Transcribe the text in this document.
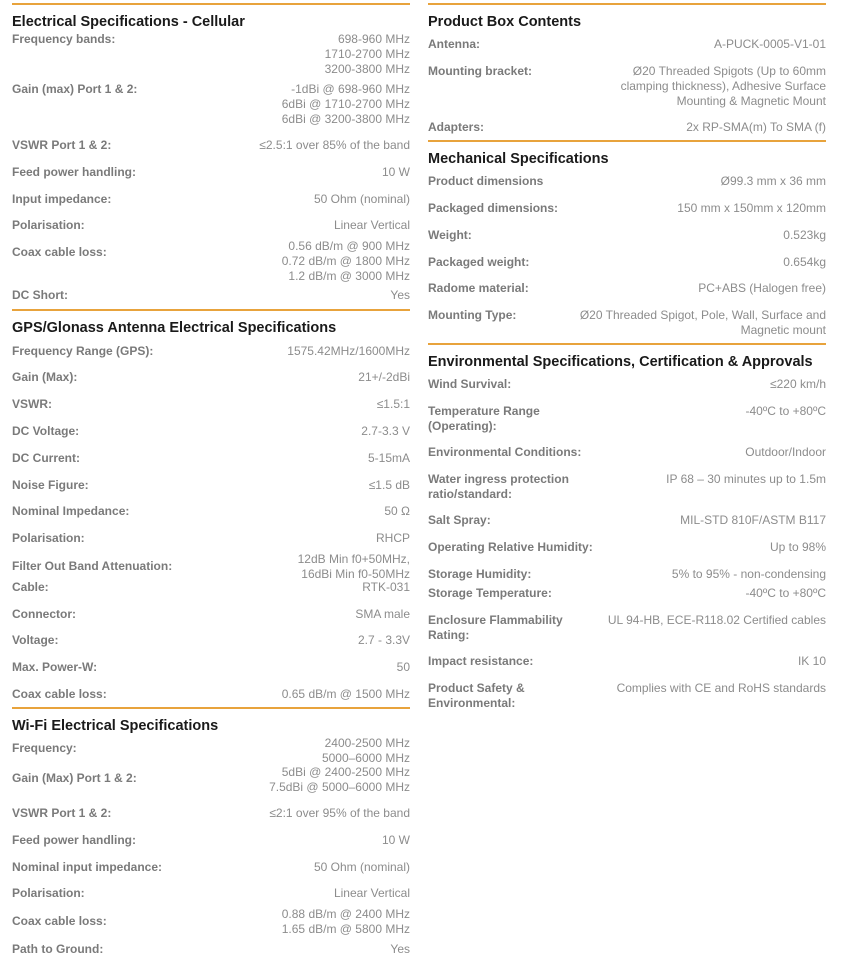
Electrical Specifications - Cellular
Frequency bands:	698-960 MHz
1710-2700 MHz
3200-3800 MHz
Gain (max) Port 1 & 2:	-1dBi @ 698-960 MHz
6dBi @ 1710-2700 MHz
6dBi @ 3200-3800 MHz
VSWR Port 1 & 2:	≤2.5:1 over 85% of the band
Feed power handling:	10 W
Input impedance:	50 Ohm (nominal)
Polarisation:	Linear Vertical
Coax cable loss:	0.56 dB/m @ 900 MHz
0.72 dB/m @ 1800 MHz
1.2 dB/m @ 3000 MHz
DC Short:	Yes
GPS/Glonass Antenna Electrical Specifications
Frequency Range (GPS):	1575.42MHz/1600MHz
Gain (Max):	21+/-2dBi
VSWR:	≤1.5:1
DC Voltage:	2.7-3.3 V
DC Current:	5-15mA
Noise Figure:	≤1.5 dB
Nominal Impedance:	50 Ω
Polarisation:	RHCP
Filter Out Band Attenuation:	12dB Min f0+50MHz,
16dBi Min f0-50MHz
Cable:	RTK-031
Connector:	SMA male
Voltage:	2.7 - 3.3V
Max. Power-W:	50
Coax cable loss:	0.65 dB/m @ 1500 MHz
Wi-Fi Electrical Specifications
Frequency:	2400-2500 MHz
5000–6000 MHz
Gain (Max) Port 1 & 2:	5dBi @ 2400-2500 MHz
7.5dBi @ 5000–6000 MHz
VSWR Port 1 & 2:	≤2:1 over 95% of the band
Feed power handling:	10 W
Nominal input impedance:	50 Ohm (nominal)
Polarisation:	Linear Vertical
Coax cable loss:	0.88 dB/m @ 2400 MHz
1.65 dB/m @ 5800 MHz
Path to Ground:	Yes
Product Box Contents
Antenna:	A-PUCK-0005-V1-01
Mounting bracket:	Ø20 Threaded Spigots (Up to 60mm
clamping thickness), Adhesive Surface
Mounting & Magnetic Mount
Adapters:	2x RP-SMA(m) To SMA (f)
Mechanical Specifications
Product dimensions	Ø99.3 mm x 36 mm
Packaged dimensions:	150 mm x 150mm x 120mm
Weight:	0.523kg
Packaged weight:	0.654kg
Radome material:	PC+ABS (Halogen free)
Mounting Type:	Ø20 Threaded Spigot, Pole, Wall, Surface and
Magnetic mount
Environmental Specifications, Certification & Approvals
Wind Survival:	≤220 km/h
Temperature Range
(Operating):
-40ºC to +80ºC
Environmental Conditions:	Outdoor/Indoor
Water ingress protection
ratio/standard:
IP 68 – 30 minutes up to 1.5m
Salt Spray:	MIL-STD 810F/ASTM B117
Operating Relative Humidity:	Up to 98%
Storage Humidity:	5% to 95% - non-condensing
Storage Temperature:	-40ºC to +80ºC
Enclosure Flammability
Rating:
UL 94-HB, ECE-R118.02 Certified cables
Impact resistance:	IK 10
Product Safety &
Environmental:
Complies with CE and RoHS standards
